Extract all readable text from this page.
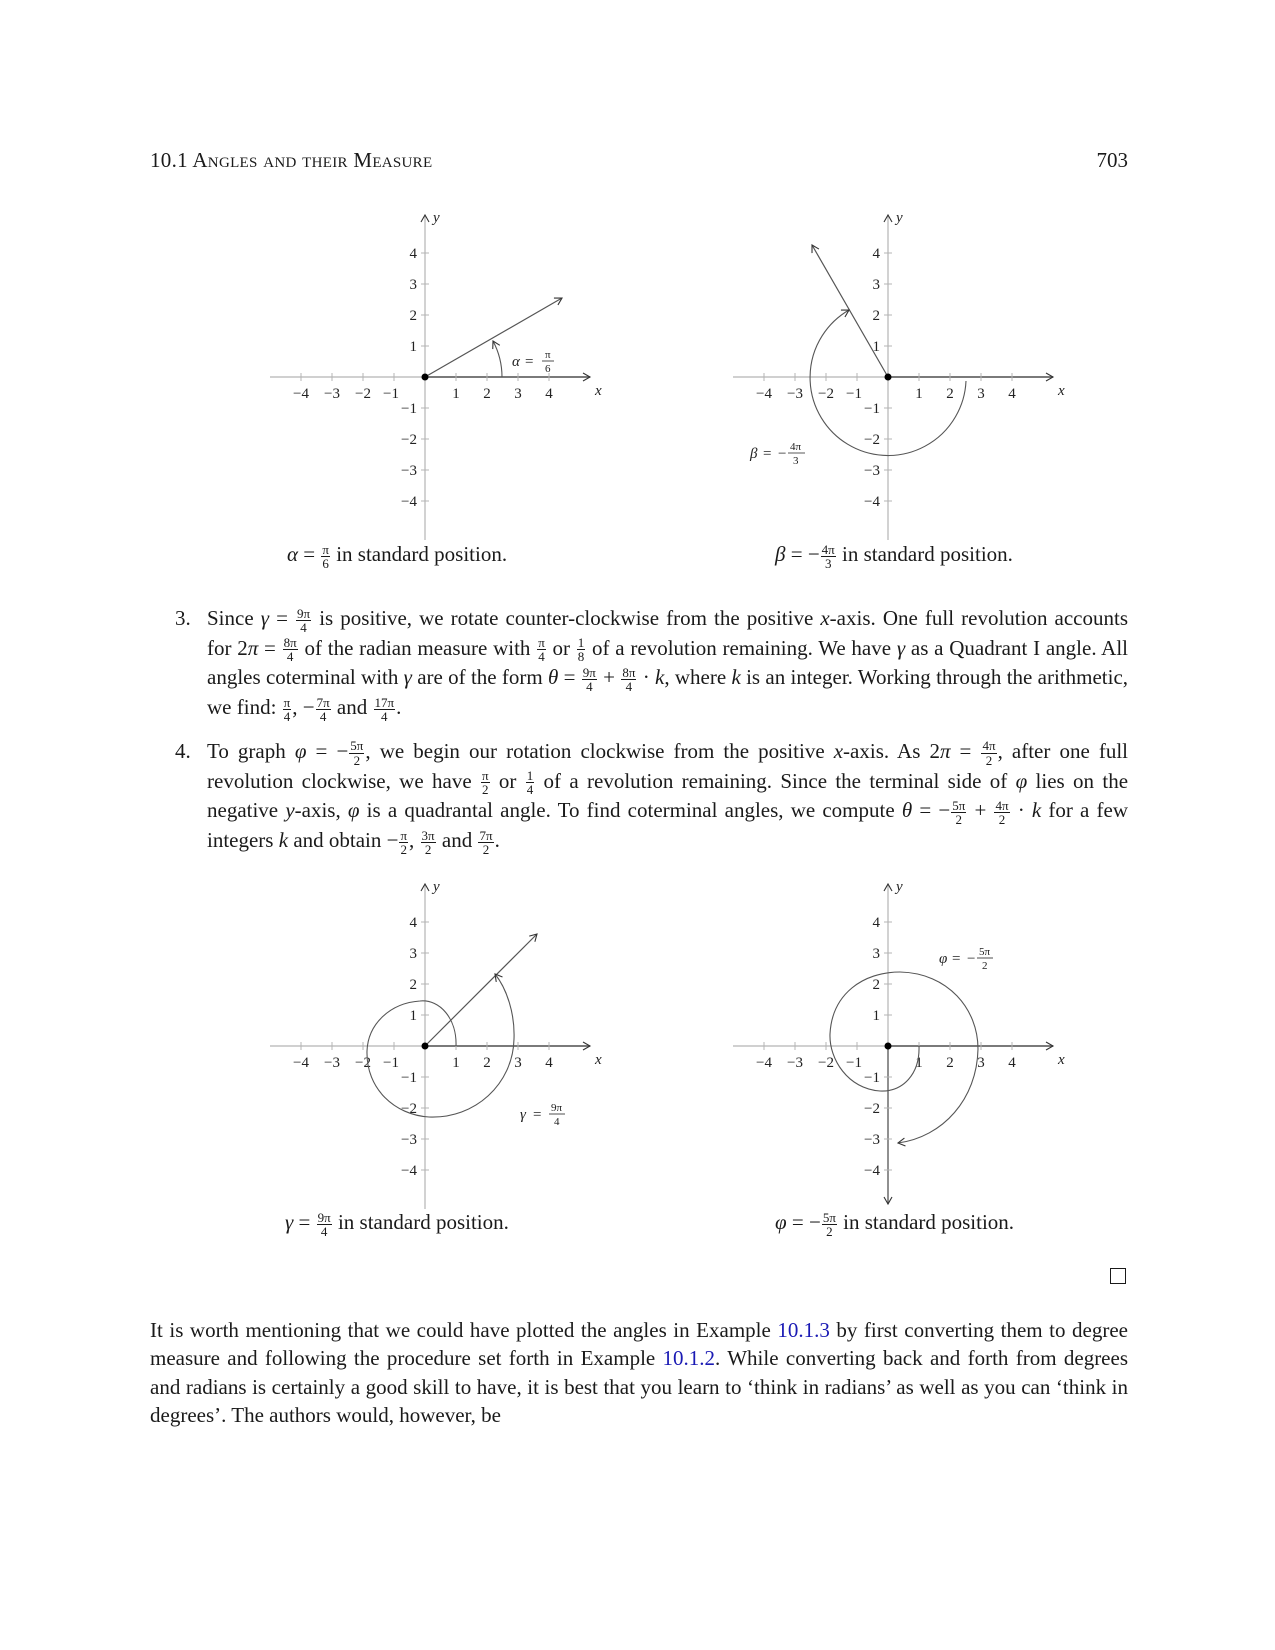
10.1 Angles and their Measure	703
−4 −3 −2 −1	1 2 3 4
4
3
2
1
−1
−2
−3
−4
x
y
α = π
6
$\alpha = \frac{\pi}{6}$ in standard position.
−4 −3 −2 −1	1 2 3 4
4
3
2
1
−1
−2
−3
−4
x
y
β = − 4π
3
β = − $\frac{4\pi}{3}$ in standard position.
3. Since $\gamma = \frac{9\pi}{4}$ is positive, we rotate counter-clockwise from the positive x-axis. One full revolution accounts for $2\pi = \frac{8\pi}{4}$ of the radian measure with $\frac{\pi}{4}$ or $\frac{1}{8}$ of a revolution remaining. We have γ as a Quadrant I angle. All angles coterminal with γ are of the form $\theta = \frac{9\pi}{4} + \frac{8\pi}{4} \cdot k$, where k is an integer. Working through the arithmetic, we find: $\frac{\pi}{4}$ , − $\frac{7\pi}{4}$ and $\frac{17\pi}{4}$ .
4. To graph φ = − $\frac{5\pi}{2}$ , we begin our rotation clockwise from the positive x-axis. As $2\pi = \frac{4\pi}{2}$ , after one full revolution clockwise, we have $\frac{\pi}{2}$ or $\frac{1}{4}$ of a revolution remaining. Since the terminal side of φ lies on the negative y-axis, φ is a quadrantal angle. To find coterminal angles, we compute θ = − $\frac{5\pi}{2} + \frac{4\pi}{2} \cdot k$ for a few integers k and obtain − $\frac{\pi}{2}$ , $\frac{3\pi}{2}$ and $\frac{7\pi}{2}$ .
−4 −3 −2 −1	1 2 3 4
4
3
2
1
−1
−2
−3
−4
x
y
γ = 9π
4
$\gamma = \frac{9\pi}{4}$ in standard position.
−4 −3 −2 −1	1 2 3 4
4
3
2
1
−1
−2
−3
−4
x
y
φ = − 5π
2
φ = − $\frac{5\pi}{2}$ in standard position.
It is worth mentioning that we could have plotted the angles in Example 10.1.3 by first converting them to degree measure and following the procedure set forth in Example 10.1.2. While converting back and forth from degrees and radians is certainly a good skill to have, it is best that you learn to ‘think in radians’ as well as you can ‘think in degrees’. The authors would, however, be
